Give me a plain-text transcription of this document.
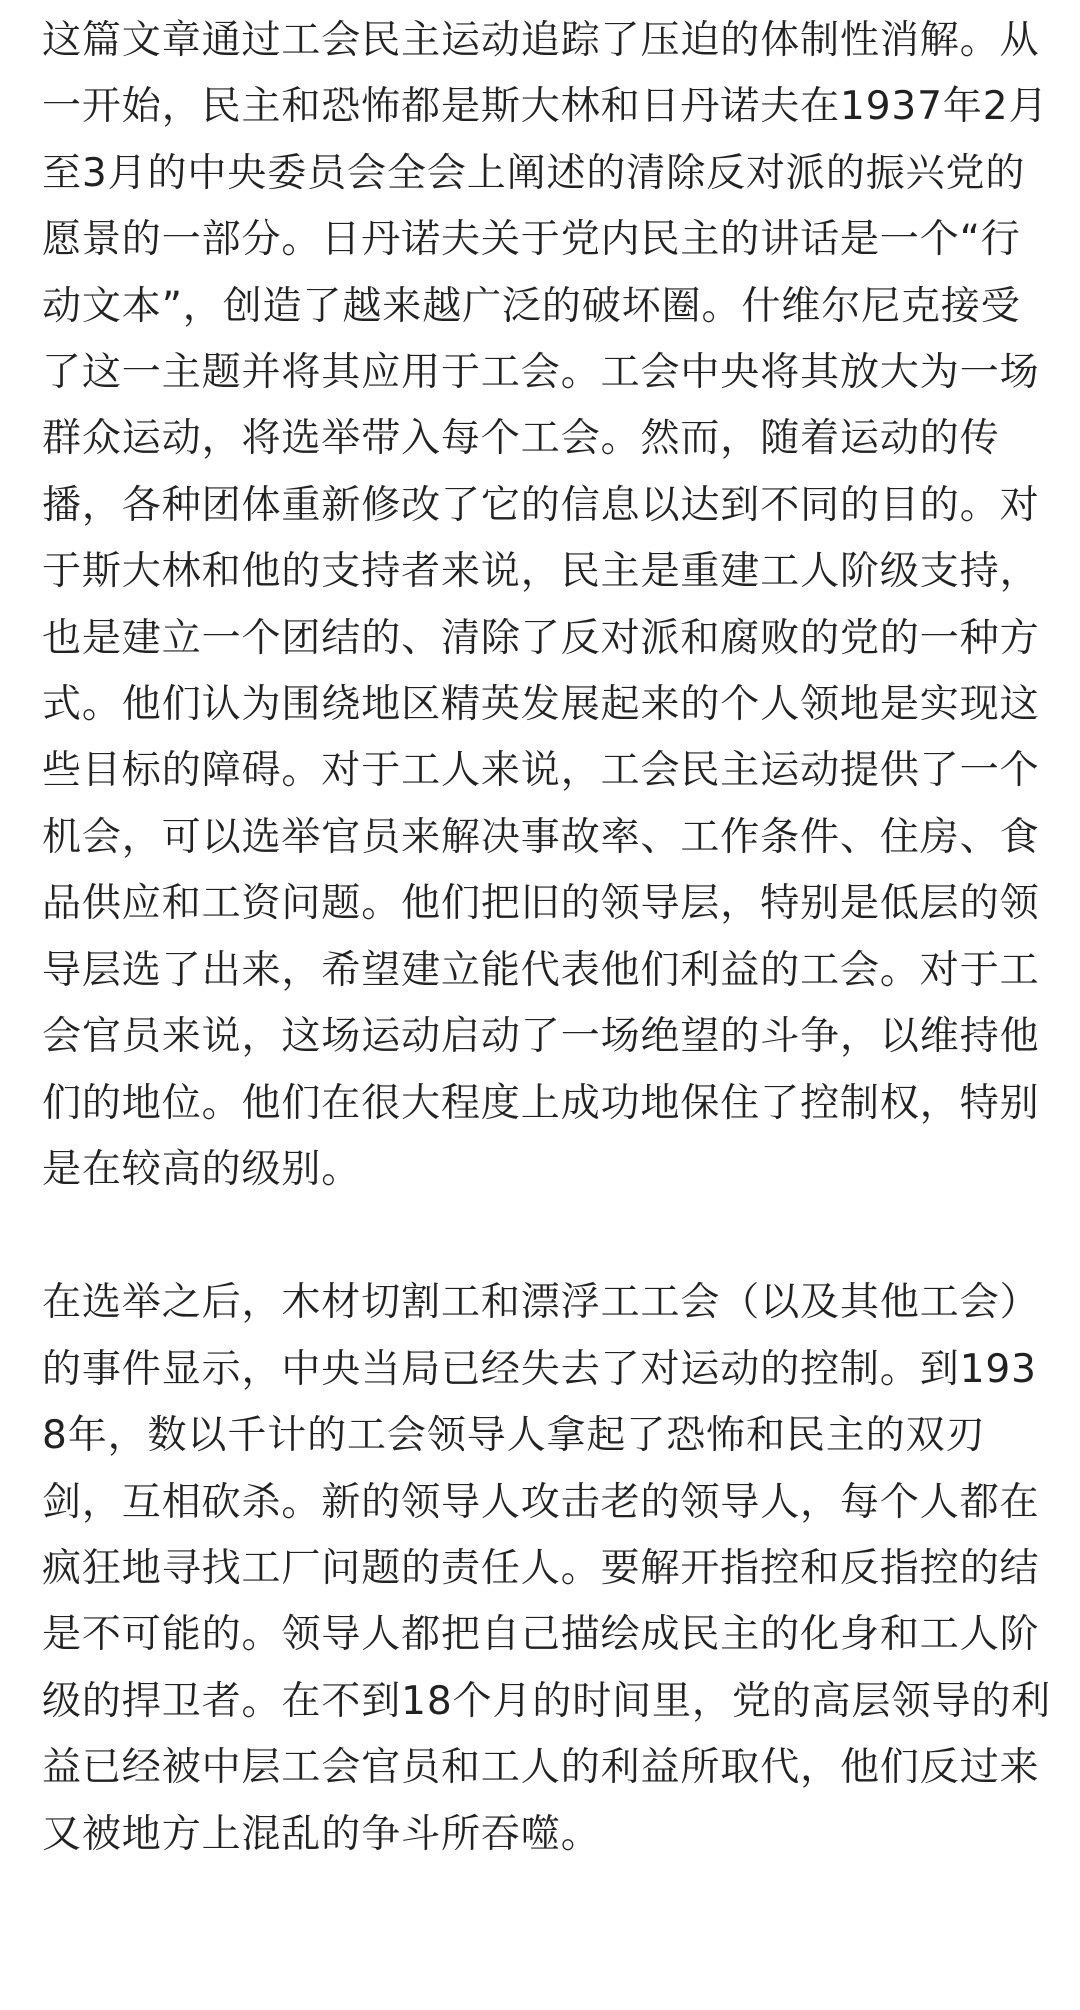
这篇文章通过工会民主运动追踪了压迫的体制性消解。从一开始，民主和恐怖都是斯大林和日丹诺夫在1937年2月至3月的中央委员会全会上阐述的清除反对派的振兴党的愿景的一部分。日丹诺夫关于党内民主的讲话是一个“行动文本”，创造了越来越广泛的破坏圈。什维尔尼克接受了这一主题并将其应用于工会。工会中央将其放大为一场群众运动，将选举带入每个工会。然而，随着运动的传播，各种团体重新修改了它的信息以达到不同的目的。对于斯大林和他的支持者来说，民主是重建工人阶级支持，也是建立一个团结的、清除了反对派和腐败的党的一种方式。他们认为围绕地区精英发展起来的个人领地是实现这些目标的障碍。对于工人来说，工会民主运动提供了一个机会，可以选举官员来解决事故率、工作条件、住房、食品供应和工资问题。他们把旧的领导层，特别是低层的领导层选了出来，希望建立能代表他们利益的工会。对于工会官员来说，这场运动启动了一场绝望的斗争，以维持他们的地位。他们在很大程度上成功地保住了控制权，特别是在较高的级别。

在选举之后，木材切割工和漂浮工工会（以及其他工会）的事件显示，中央当局已经失去了对运动的控制。到1938年，数以千计的工会领导人拿起了恐怖和民主的双刃剑，互相砍杀。新的领导人攻击老的领导人，每个人都在疯狂地寻找工厂问题的责任人。要解开指控和反指控的结是不可能的。领导人都把自己描绘成民主的化身和工人阶级的捍卫者。在不到18个月的时间里，党的高层领导的利益已经被中层工会官员和工人的利益所取代，他们反过来又被地方上混乱的争斗所吞噬。
